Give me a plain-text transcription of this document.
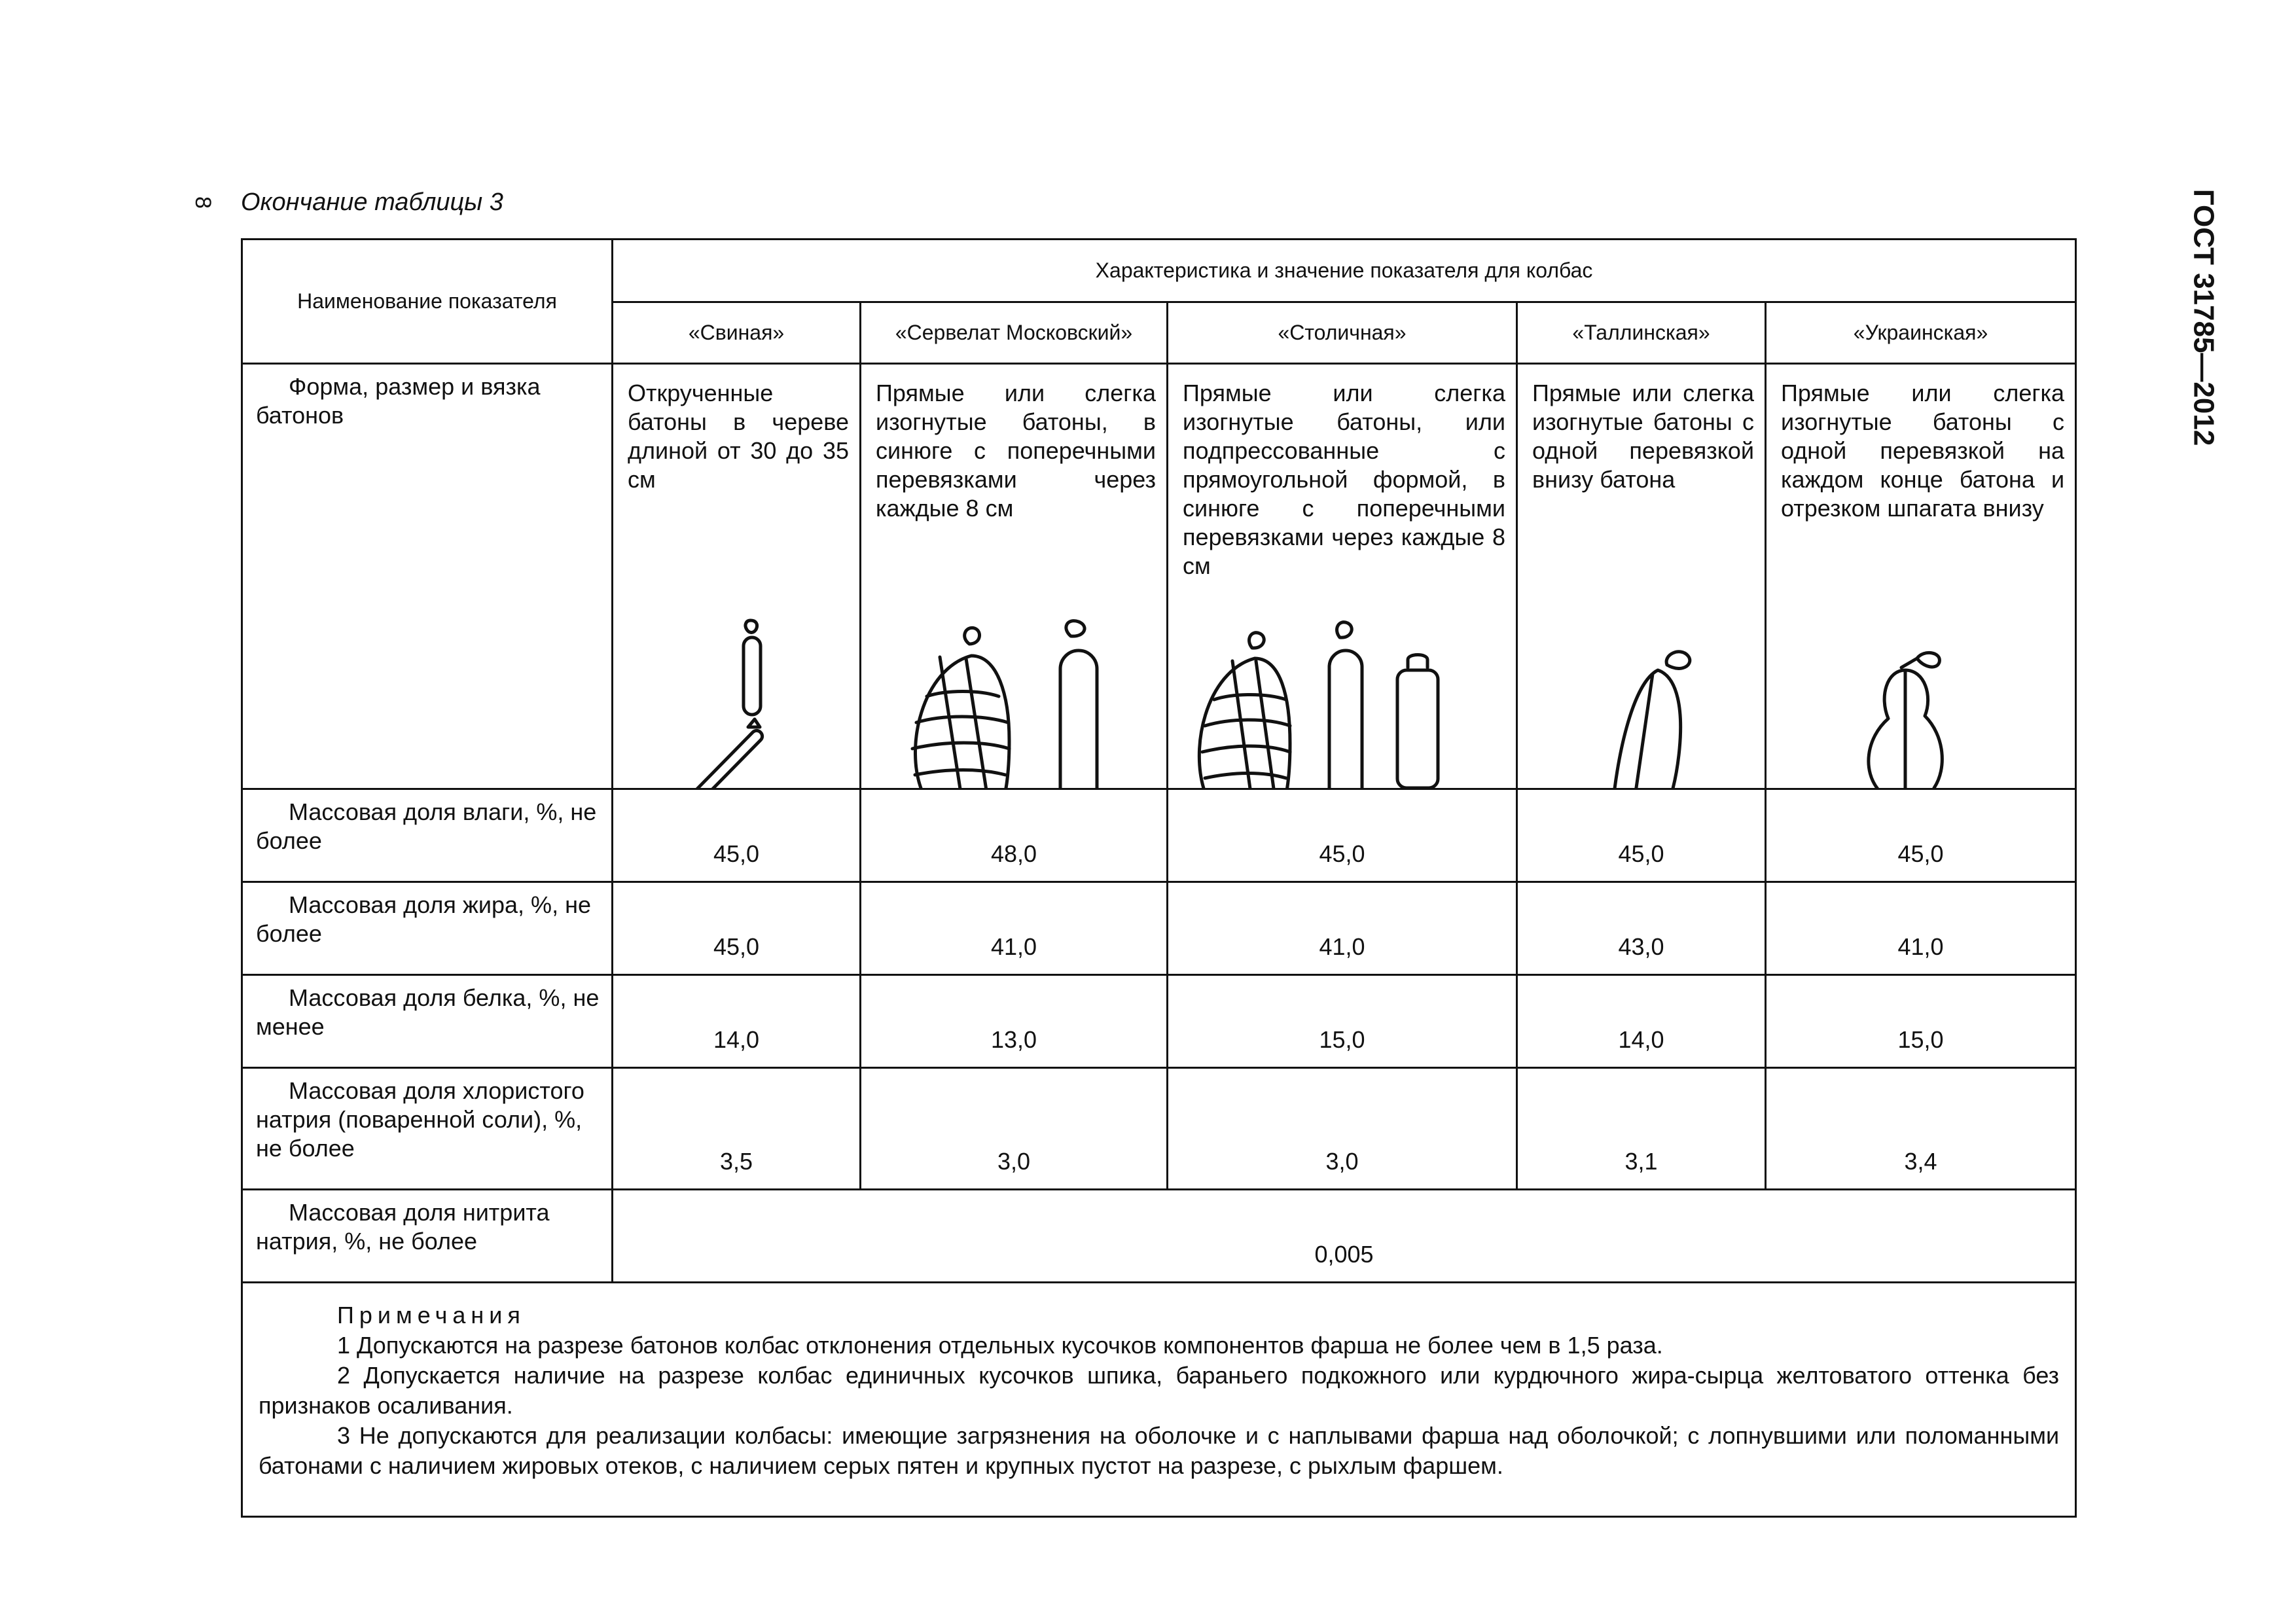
8 Окончание таблицы 3	ГОСТ 31785—2012
Наименование показателя	Характеристика и значение показателя для колбас				
	«Свиная»	«Сервелат Московский»	«Столичная»	«Таллинская»	«Украинская»
Форма, размер и вязка батонов	Открученные батоны в череве длиной от 30 до 35 см	Прямые или слегка изогнутые батоны, в синюге с поперечными перевязками через каждые 8 см	Прямые или слегка изогнутые батоны, или подпрессованные с прямоугольной формой, в синюге с поперечными перевязками через каждые 8 см	Прямые или слегка изогнутые батоны с одной перевязкой внизу батона	Прямые или слегка изогнутые батоны с одной перевязкой на каждом конце батона и отрезком шпагата внизу

Массовая доля влаги, %, не более	45,0	48,0	45,0	45,0	45,0
Массовая доля жира, %, не более	45,0	41,0	41,0	43,0	41,0
Массовая доля белка, %, не менее	14,0	13,0	15,0	14,0	15,0
Массовая доля хлористого натрия (поваренной соли), %, не более	3,5	3,0	3,0	3,1	3,4
Массовая доля нитрита натрия, %, не более	0,005				

Примечания
1 Допускаются на разрезе батонов колбас отклонения отдельных кусочков компонентов фарша не более чем в 1,5 раза.
2 Допускается наличие на разрезе колбас единичных кусочков шпика, бараньего подкожного или курдючного жира-сырца желтоватого оттенка без признаков осаливания.
3 Не допускаются для реализации колбасы: имеющие загрязнения на оболочке и с наплывами фарша над оболочкой; с лопнувшими или поломанными батонами с наличием жировых отеков, с наличием серых пятен и крупных пустот на разрезе, с рыхлым фаршем.					
